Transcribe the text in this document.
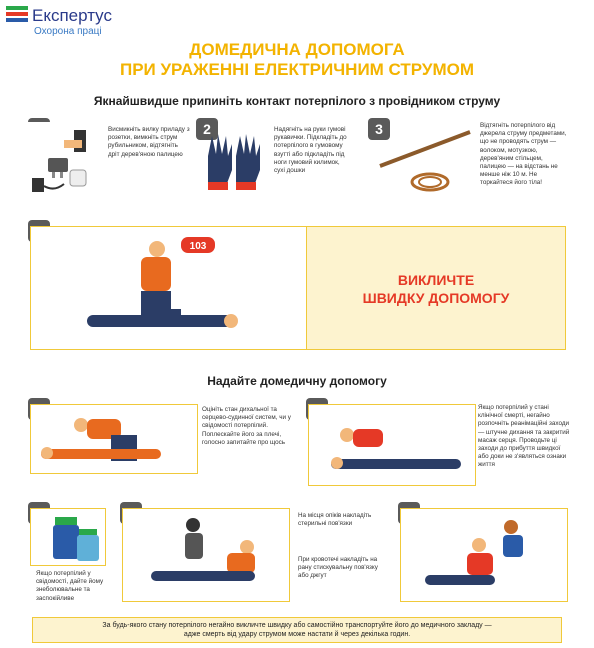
Експертус
Охорона праці
ДОМЕДИЧНА ДОПОМОГА
ПРИ УРАЖЕННІ ЕЛЕКТРИЧНИМ СТРУМОМ
Якнайшвидше припиніть контакт потерпілого з провідником струму
Висмикніть вилку приладу з розетки, вимкніть струм рубильником, відтягніть дріт дерев'яною палицею
2	Надягніть на руки гумові рукавички. Підкладіть до потерпілого в гумовому взутті або підкладіть під ноги гумовий килимок, сухі дошки
3	Відтягніть потерпілого від джерела струму предметами, що не проводять струм — волоком, мотузкою, дерев'яним стільцем, палицею — на відстань не менше ніж 10 м. Не торкайтеся його тіла!
103
ВИКЛИЧТЕ
ШВИДКУ ДОПОМОГУ
Надайте домедичну допомогу
Оцініть стан дихальної та серцево-судинної систем, чи у свідомості потерпілий. Поплескайте його за плечі, голосно запитайте про щось
Якщо потерпілий у стані клінічної смерті, негайно розпочніть реанімаційні заходи — штучне дихання та закритий масаж серця. Проводьте ці заходи до прибуття швидкої або доки не з'являться ознаки життя
Якщо потерпілий у свідомості, дайте йому знеболювальне та заспокійливе
На місця опіків накладіть стерильні пов'язки
При кровотечі накладіть на рану стискувальну пов'язку або джгут
За будь-якого стану потерпілого негайно викличте швидку або самостійно транспортуйте його до медичного закладу —
адже смерть від удару струмом може настати й через декілька годин.
